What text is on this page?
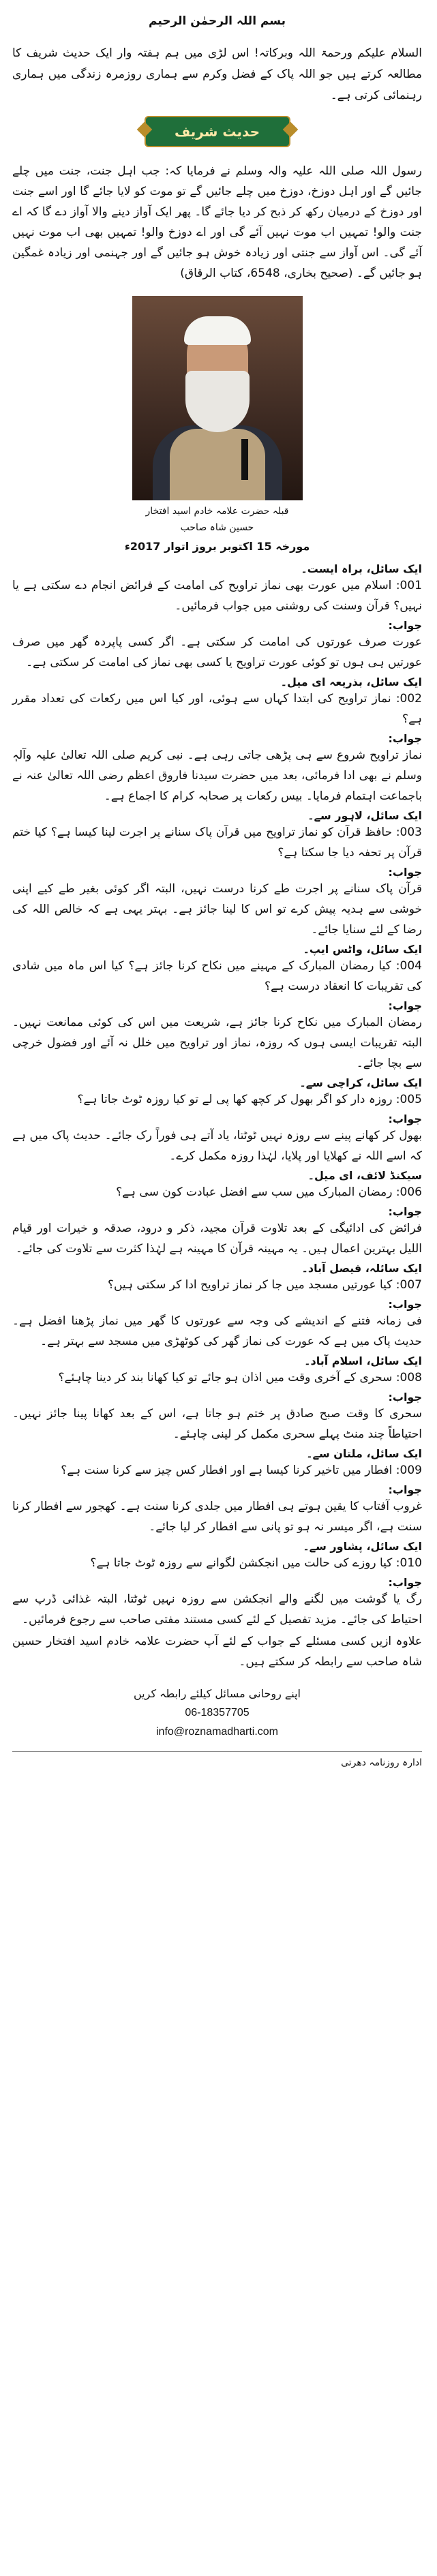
بسم اللہ الرحمٰن الرحیم
السلام علیکم ورحمۃ اللہ وبرکاتہ! اس لڑی میں ہم ہفتہ وار ایک حدیث شریف کا مطالعہ کرتے ہیں جو اللہ پاک کے فضل وکرم سے ہماری روزمرہ زندگی میں ہماری رہنمائی کرتی ہے۔
حدیث شریف
رسول اللہ صلی اللہ علیہ والہ وسلم نے فرمایا کہ: جب اہل جنت، جنت میں چلے جائیں گے اور اہل دوزخ، دوزخ میں چلے جائیں گے تو موت کو لایا جائے گا اور اسے جنت اور دوزخ کے درمیان رکھ کر ذبح کر دیا جائے گا۔ پھر ایک آواز دینے والا آواز دے گا کہ اے جنت والو! تمہیں اب موت نہیں آئے گی اور اے دوزخ والو! تمہیں بھی اب موت نہیں آئے گی۔ اس آواز سے جنتی اور زیادہ خوش ہو جائیں گے اور جہنمی اور زیادہ غمگین ہو جائیں گے۔ (صحیح بخاری، 6548، کتاب الرقاق)
قبلہ حضرت علامہ خادم اسید افتخار حسین شاہ صاحب
مورخہ 15 اکتوبر بروز اتوار 2017ء
ایک سائل، براہ ایست۔
001: اسلام میں عورت بھی نماز تراویح کی امامت کے فرائض انجام دے سکتی ہے یا نہیں؟ قرآن وسنت کی روشنی میں جواب فرمائیں۔
جواب:
عورت صرف عورتوں کی امامت کر سکتی ہے۔ اگر کسی پاپردہ گھر میں صرف عورتیں ہی ہوں تو کوئی عورت تراویح یا کسی بھی نماز کی امامت کر سکتی ہے۔
ایک سائل، بذریعہ ای میل۔
002: نماز تراویح کی ابتدا کہاں سے ہوئی، اور کیا اس میں رکعات کی تعداد مقرر ہے؟
جواب:
نماز تراویح شروع سے ہی پڑھی جاتی رہی ہے۔ نبی کریم صلی اللہ تعالیٰ علیہ وآلہٖ وسلم نے بھی ادا فرمائی، بعد میں حضرت سیدنا فاروق اعظم رضی اللہ تعالیٰ عنہ نے باجماعت اہتمام فرمایا۔ بیس رکعات پر صحابہ کرام کا اجماع ہے۔
ایک سائل، لاہور سے۔
003: حافظ قرآن کو نماز تراویح میں قرآن پاک سنانے پر اجرت لینا کیسا ہے؟ کیا ختم قرآن پر تحفہ دیا جا سکتا ہے؟
جواب:
قرآن پاک سنانے پر اجرت طے کرنا درست نہیں، البتہ اگر کوئی بغیر طے کیے اپنی خوشی سے ہدیہ پیش کرے تو اس کا لینا جائز ہے۔ بہتر یہی ہے کہ خالص اللہ کی رضا کے لئے سنایا جائے۔
ایک سائل، واٹس ایپ۔
004: کیا رمضان المبارک کے مہینے میں نکاح کرنا جائز ہے؟ کیا اس ماہ میں شادی کی تقریبات کا انعقاد درست ہے؟
جواب:
رمضان المبارک میں نکاح کرنا جائز ہے، شریعت میں اس کی کوئی ممانعت نہیں۔ البتہ تقریبات ایسی ہوں کہ روزہ، نماز اور تراویح میں خلل نہ آئے اور فضول خرچی سے بچا جائے۔
ایک سائل، کراچی سے۔
005: روزہ دار کو اگر بھول کر کچھ کھا پی لے تو کیا روزہ ٹوٹ جاتا ہے؟
جواب:
بھول کر کھانے پینے سے روزہ نہیں ٹوٹتا، یاد آتے ہی فوراً رک جائے۔ حدیث پاک میں ہے کہ اسے اللہ نے کھلایا اور پلایا، لہٰذا روزہ مکمل کرے۔
سیکنڈ لائف، ای میل۔
006: رمضان المبارک میں سب سے افضل عبادت کون سی ہے؟
جواب:
فرائض کی ادائیگی کے بعد تلاوت قرآن مجید، ذکر و درود، صدقہ و خیرات اور قیام اللیل بہترین اعمال ہیں۔ یہ مہینہ قرآن کا مہینہ ہے لہٰذا کثرت سے تلاوت کی جائے۔
ایک سائلہ، فیصل آباد۔
007: کیا عورتیں مسجد میں جا کر نماز تراویح ادا کر سکتی ہیں؟
جواب:
فی زمانہ فتنے کے اندیشے کی وجہ سے عورتوں کا گھر میں نماز پڑھنا افضل ہے۔ حدیث پاک میں ہے کہ عورت کی نماز گھر کی کوٹھڑی میں مسجد سے بہتر ہے۔
ایک سائل، اسلام آباد۔
008: سحری کے آخری وقت میں اذان ہو جائے تو کیا کھانا بند کر دینا چاہئے؟
جواب:
سحری کا وقت صبح صادق پر ختم ہو جاتا ہے، اس کے بعد کھانا پینا جائز نہیں۔ احتیاطاً چند منٹ پہلے سحری مکمل کر لینی چاہئے۔
ایک سائل، ملتان سے۔
009: افطار میں تاخیر کرنا کیسا ہے اور افطار کس چیز سے کرنا سنت ہے؟
جواب:
غروب آفتاب کا یقین ہوتے ہی افطار میں جلدی کرنا سنت ہے۔ کھجور سے افطار کرنا سنت ہے، اگر میسر نہ ہو تو پانی سے افطار کر لیا جائے۔
ایک سائل، پشاور سے۔
010: کیا روزے کی حالت میں انجکشن لگوانے سے روزہ ٹوٹ جاتا ہے؟
جواب:
رگ یا گوشت میں لگنے والے انجکشن سے روزہ نہیں ٹوٹتا، البتہ غذائی ڈرپ سے احتیاط کی جائے۔ مزید تفصیل کے لئے کسی مستند مفتی صاحب سے رجوع فرمائیں۔
علاوہ ازیں کسی مسئلے کے جواب کے لئے آپ حضرت علامہ خادم اسید افتخار حسین شاہ صاحب سے رابطہ کر سکتے ہیں۔
اپنے روحانی مسائل کیلئے رابطہ کریں
06-18357705
info@roznamadharti.com
ادارہ روزنامہ دھرتی
